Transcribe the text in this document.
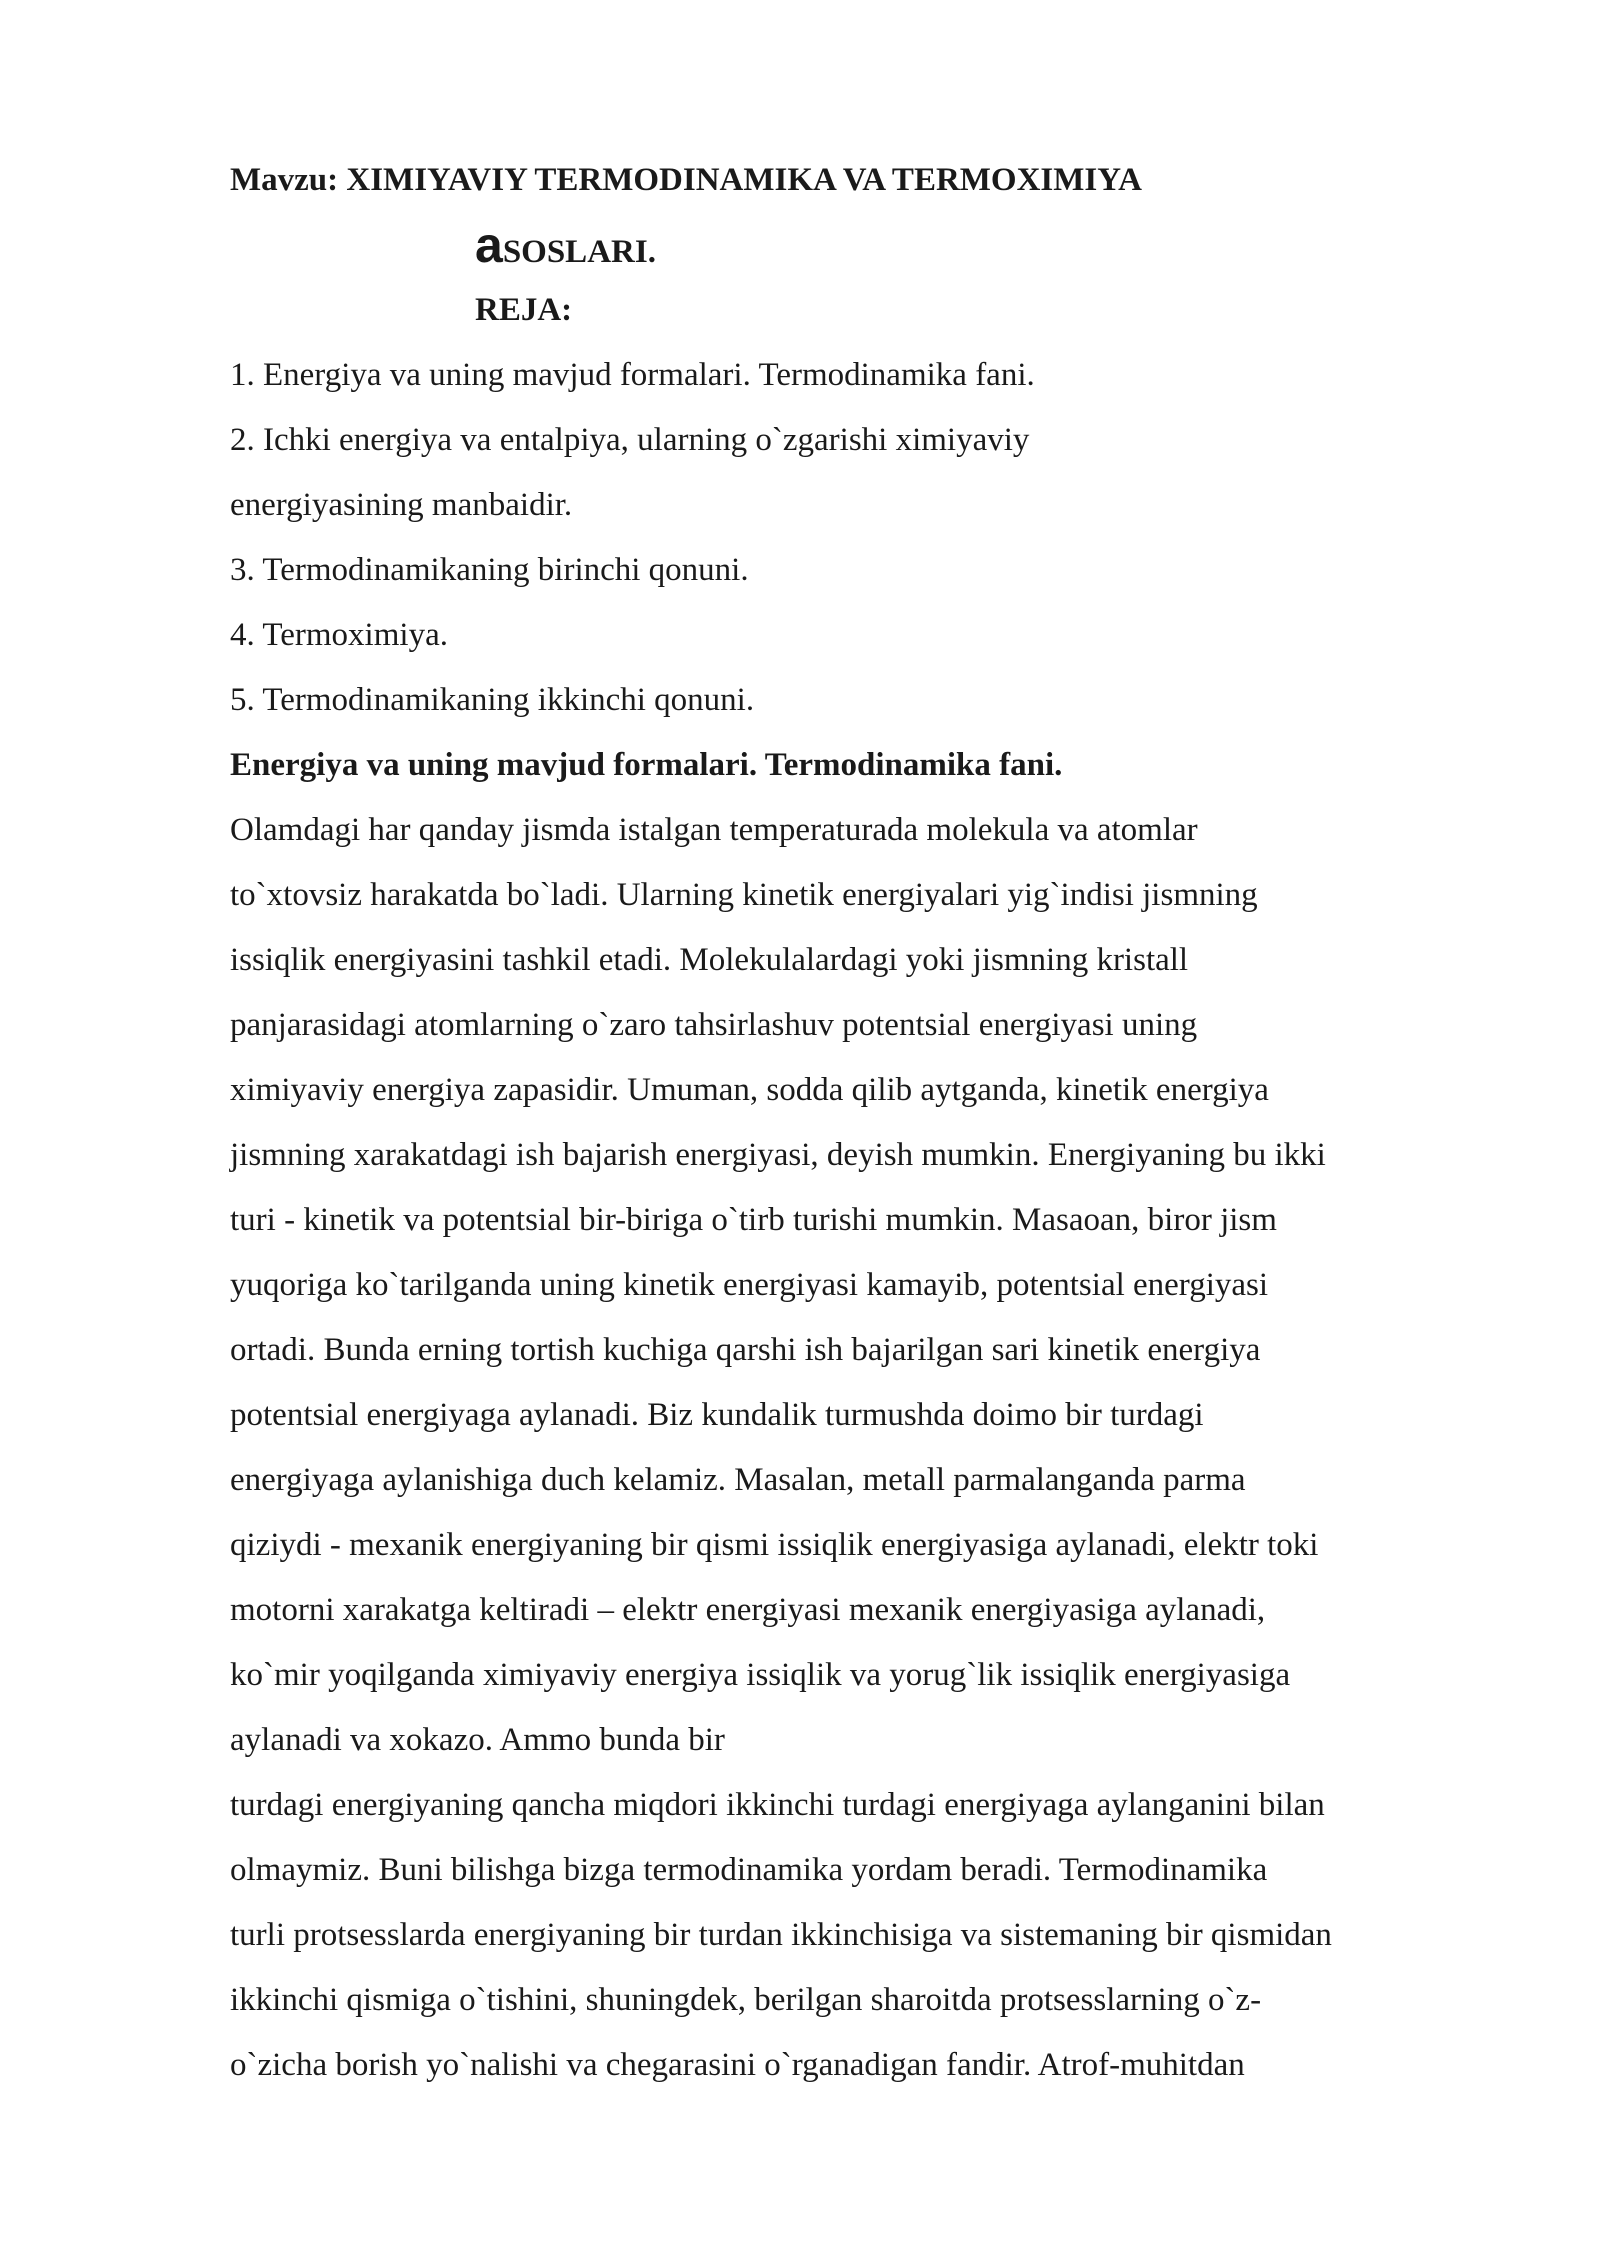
Mavzu: XIMIYAVIY TERMODINAMIKA VA TERMOXIMIYA
aSOSLARI.
REJA:
1. Energiya va uning mavjud formalari. Termodinamika fani.
2. Ichki energiya va entalpiya, ularning o`zgarishi ximiyaviy
energiyasining manbaidir.
3. Termodinamikaning birinchi qonuni.
4. Termoximiya.
5. Termodinamikaning ikkinchi qonuni.
Energiya va uning mavjud formalari. Termodinamika fani.
Olamdagi har qanday jismda istalgan temperaturada molekula va atomlar
to`xtovsiz harakatda bo`ladi. Ularning kinetik energiyalari yig`indisi jismning
issiqlik energiyasini tashkil etadi. Molekulalardagi yoki jismning kristall
panjarasidagi atomlarning o`zaro tahsirlashuv potentsial energiyasi uning
ximiyaviy energiya zapasidir. Umuman, sodda qilib aytganda, kinetik energiya
jismning xarakatdagi ish bajarish energiyasi, deyish mumkin. Energiyaning bu ikki
turi - kinetik va potentsial bir-biriga o`tirb turishi mumkin. Masaoan, biror jism
yuqoriga ko`tarilganda uning kinetik energiyasi kamayib, potentsial energiyasi
ortadi. Bunda erning tortish kuchiga qarshi ish bajarilgan sari kinetik energiya
potentsial energiyaga aylanadi. Biz kundalik turmushda doimo bir turdagi
energiyaga aylanishiga duch kelamiz. Masalan, metall parmalanganda parma
qiziydi - mexanik energiyaning bir qismi issiqlik energiyasiga aylanadi, elektr toki
motorni xarakatga keltiradi – elektr energiyasi mexanik energiyasiga aylanadi,
ko`mir yoqilganda ximiyaviy energiya issiqlik va yorug`lik issiqlik energiyasiga
aylanadi va xokazo. Ammo bunda bir
turdagi energiyaning qancha miqdori ikkinchi turdagi energiyaga aylanganini bilan
olmaymiz. Buni bilishga bizga termodinamika yordam beradi. Termodinamika
turli protsesslarda energiyaning bir turdan ikkinchisiga va sistemaning bir qismidan
ikkinchi qismiga o`tishini, shuningdek, berilgan sharoitda protsesslarning o`z-
o`zicha borish yo`nalishi va chegarasini o`rganadigan fandir. Atrof-muhitdan
